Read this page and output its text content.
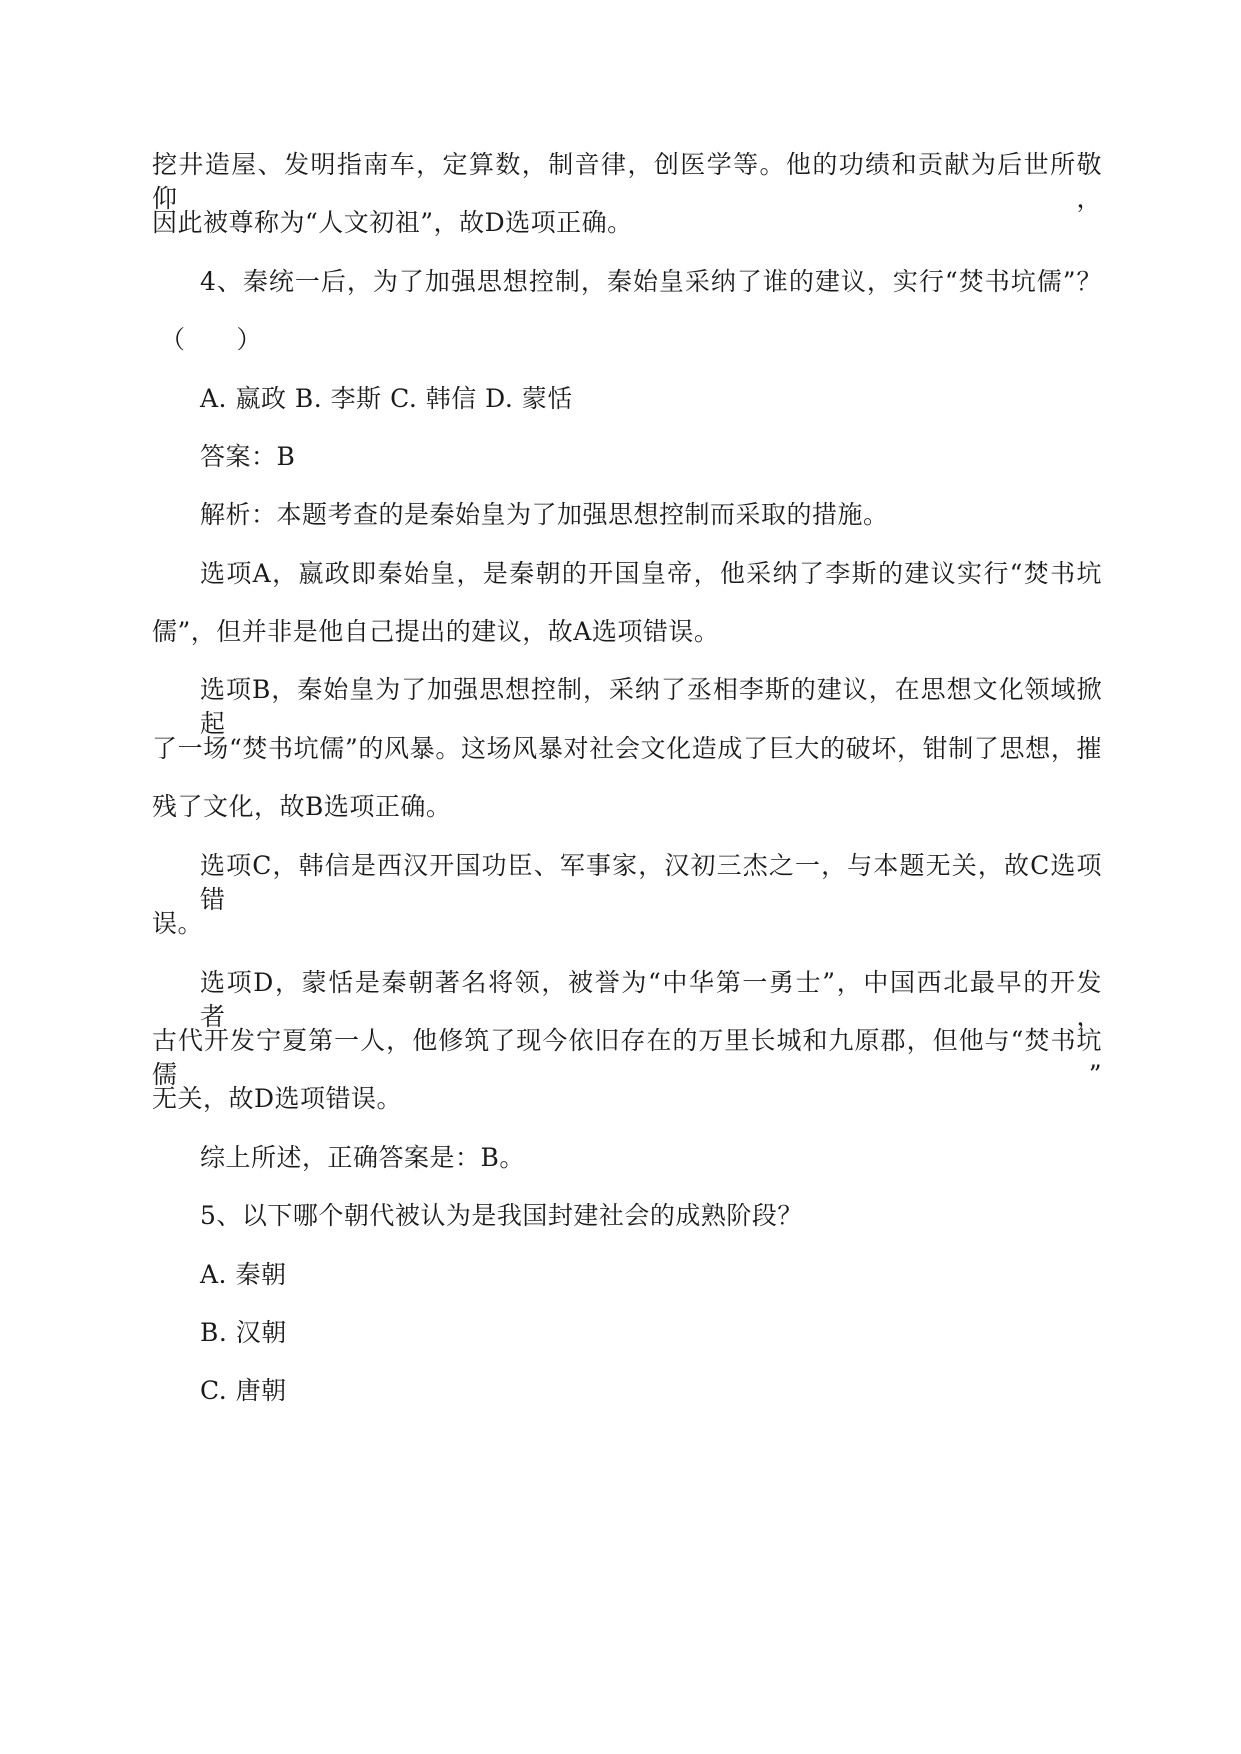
挖井造屋、发明指南车，定算数，制音律，创医学等。他的功绩和贡献为后世所敬仰，
因此被尊称为“人文初祖”，故D选项正确。
4、秦统一后，为了加强思想控制，秦始皇采纳了谁的建议，实行“焚书坑儒”？
（　　）
A. 嬴政 B. 李斯 C. 韩信 D. 蒙恬
答案：B
解析：本题考查的是秦始皇为了加强思想控制而采取的措施。
选项A，嬴政即秦始皇，是秦朝的开国皇帝，他采纳了李斯的建议实行“焚书坑
儒”，但并非是他自己提出的建议，故A选项错误。
选项B，秦始皇为了加强思想控制，采纳了丞相李斯的建议，在思想文化领域掀起
了一场“焚书坑儒”的风暴。这场风暴对社会文化造成了巨大的破坏，钳制了思想，摧
残了文化，故B选项正确。
选项C，韩信是西汉开国功臣、军事家，汉初三杰之一，与本题无关，故C选项错
误。
选项D，蒙恬是秦朝著名将领，被誉为“中华第一勇士”，中国西北最早的开发者，
古代开发宁夏第一人，他修筑了现今依旧存在的万里长城和九原郡，但他与“焚书坑儒”
无关，故D选项错误。
综上所述，正确答案是：B。
5、以下哪个朝代被认为是我国封建社会的成熟阶段？
A. 秦朝
B. 汉朝
C. 唐朝
